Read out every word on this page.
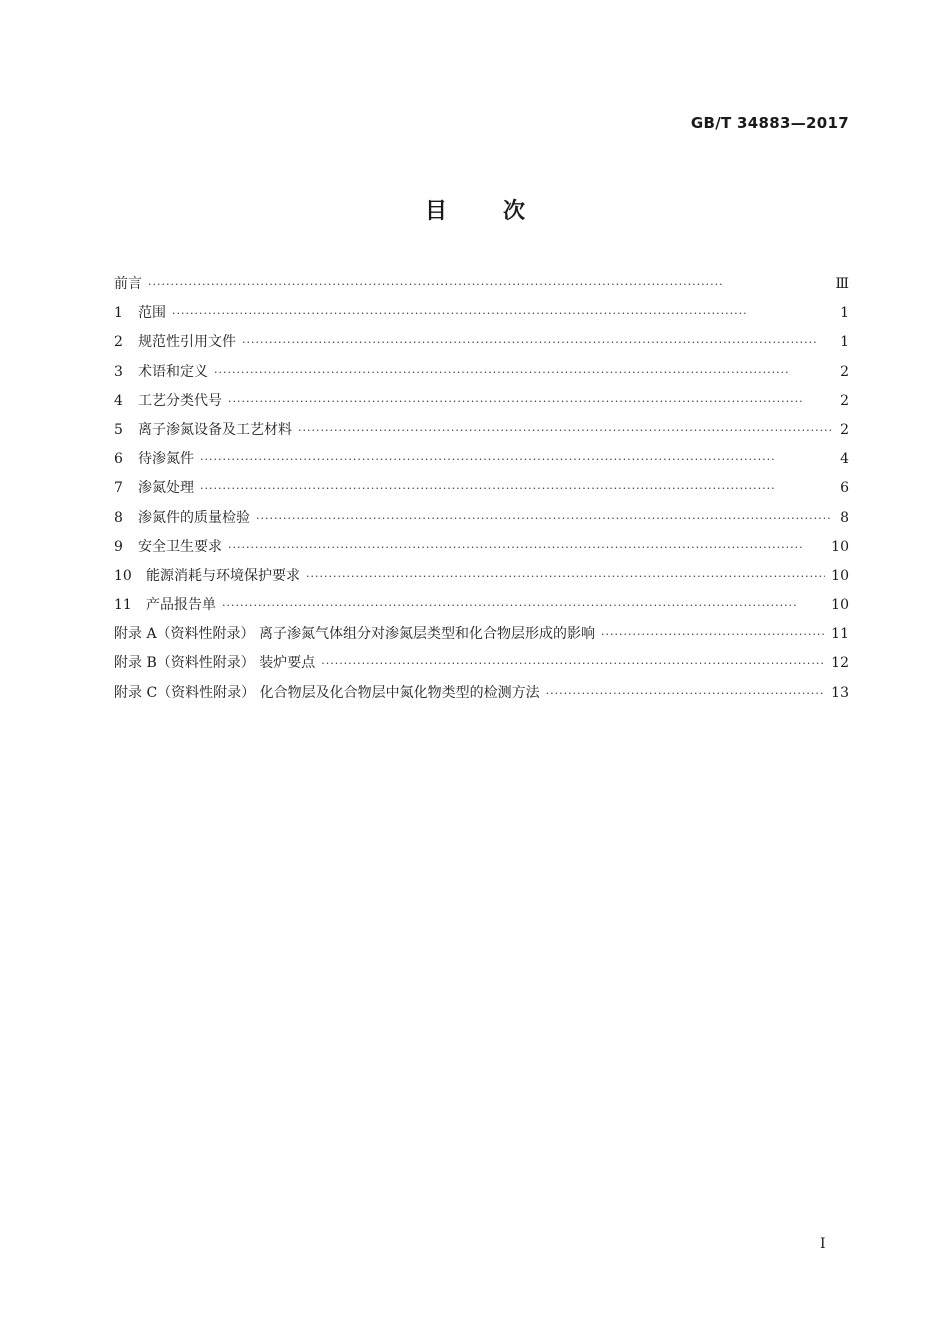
GB/T 34883—2017
目	次
前言 ·····	Ⅲ
1	范围 ·····	1
2	规范性引用文件 ·····	1
3	术语和定义 ·····	2
4	工艺分类代号 ·····	2
5	离子渗氮设备及工艺材料 ·····	2
6	待渗氮件 ·····	4
7	渗氮处理 ·····	6
8	渗氮件的质量检验 ·····	8
9	安全卫生要求 ·····	10
10	能源消耗与环境保护要求 ·····	10
11	产品报告单 ·····	10
附录 A（资料性附录） 离子渗氮气体组分对渗氮层类型和化合物层形成的影响 ·····	11
附录 B（资料性附录） 装炉要点 ·····	12
附录 C（资料性附录） 化合物层及化合物层中氮化物类型的检测方法 ·····	13
I
